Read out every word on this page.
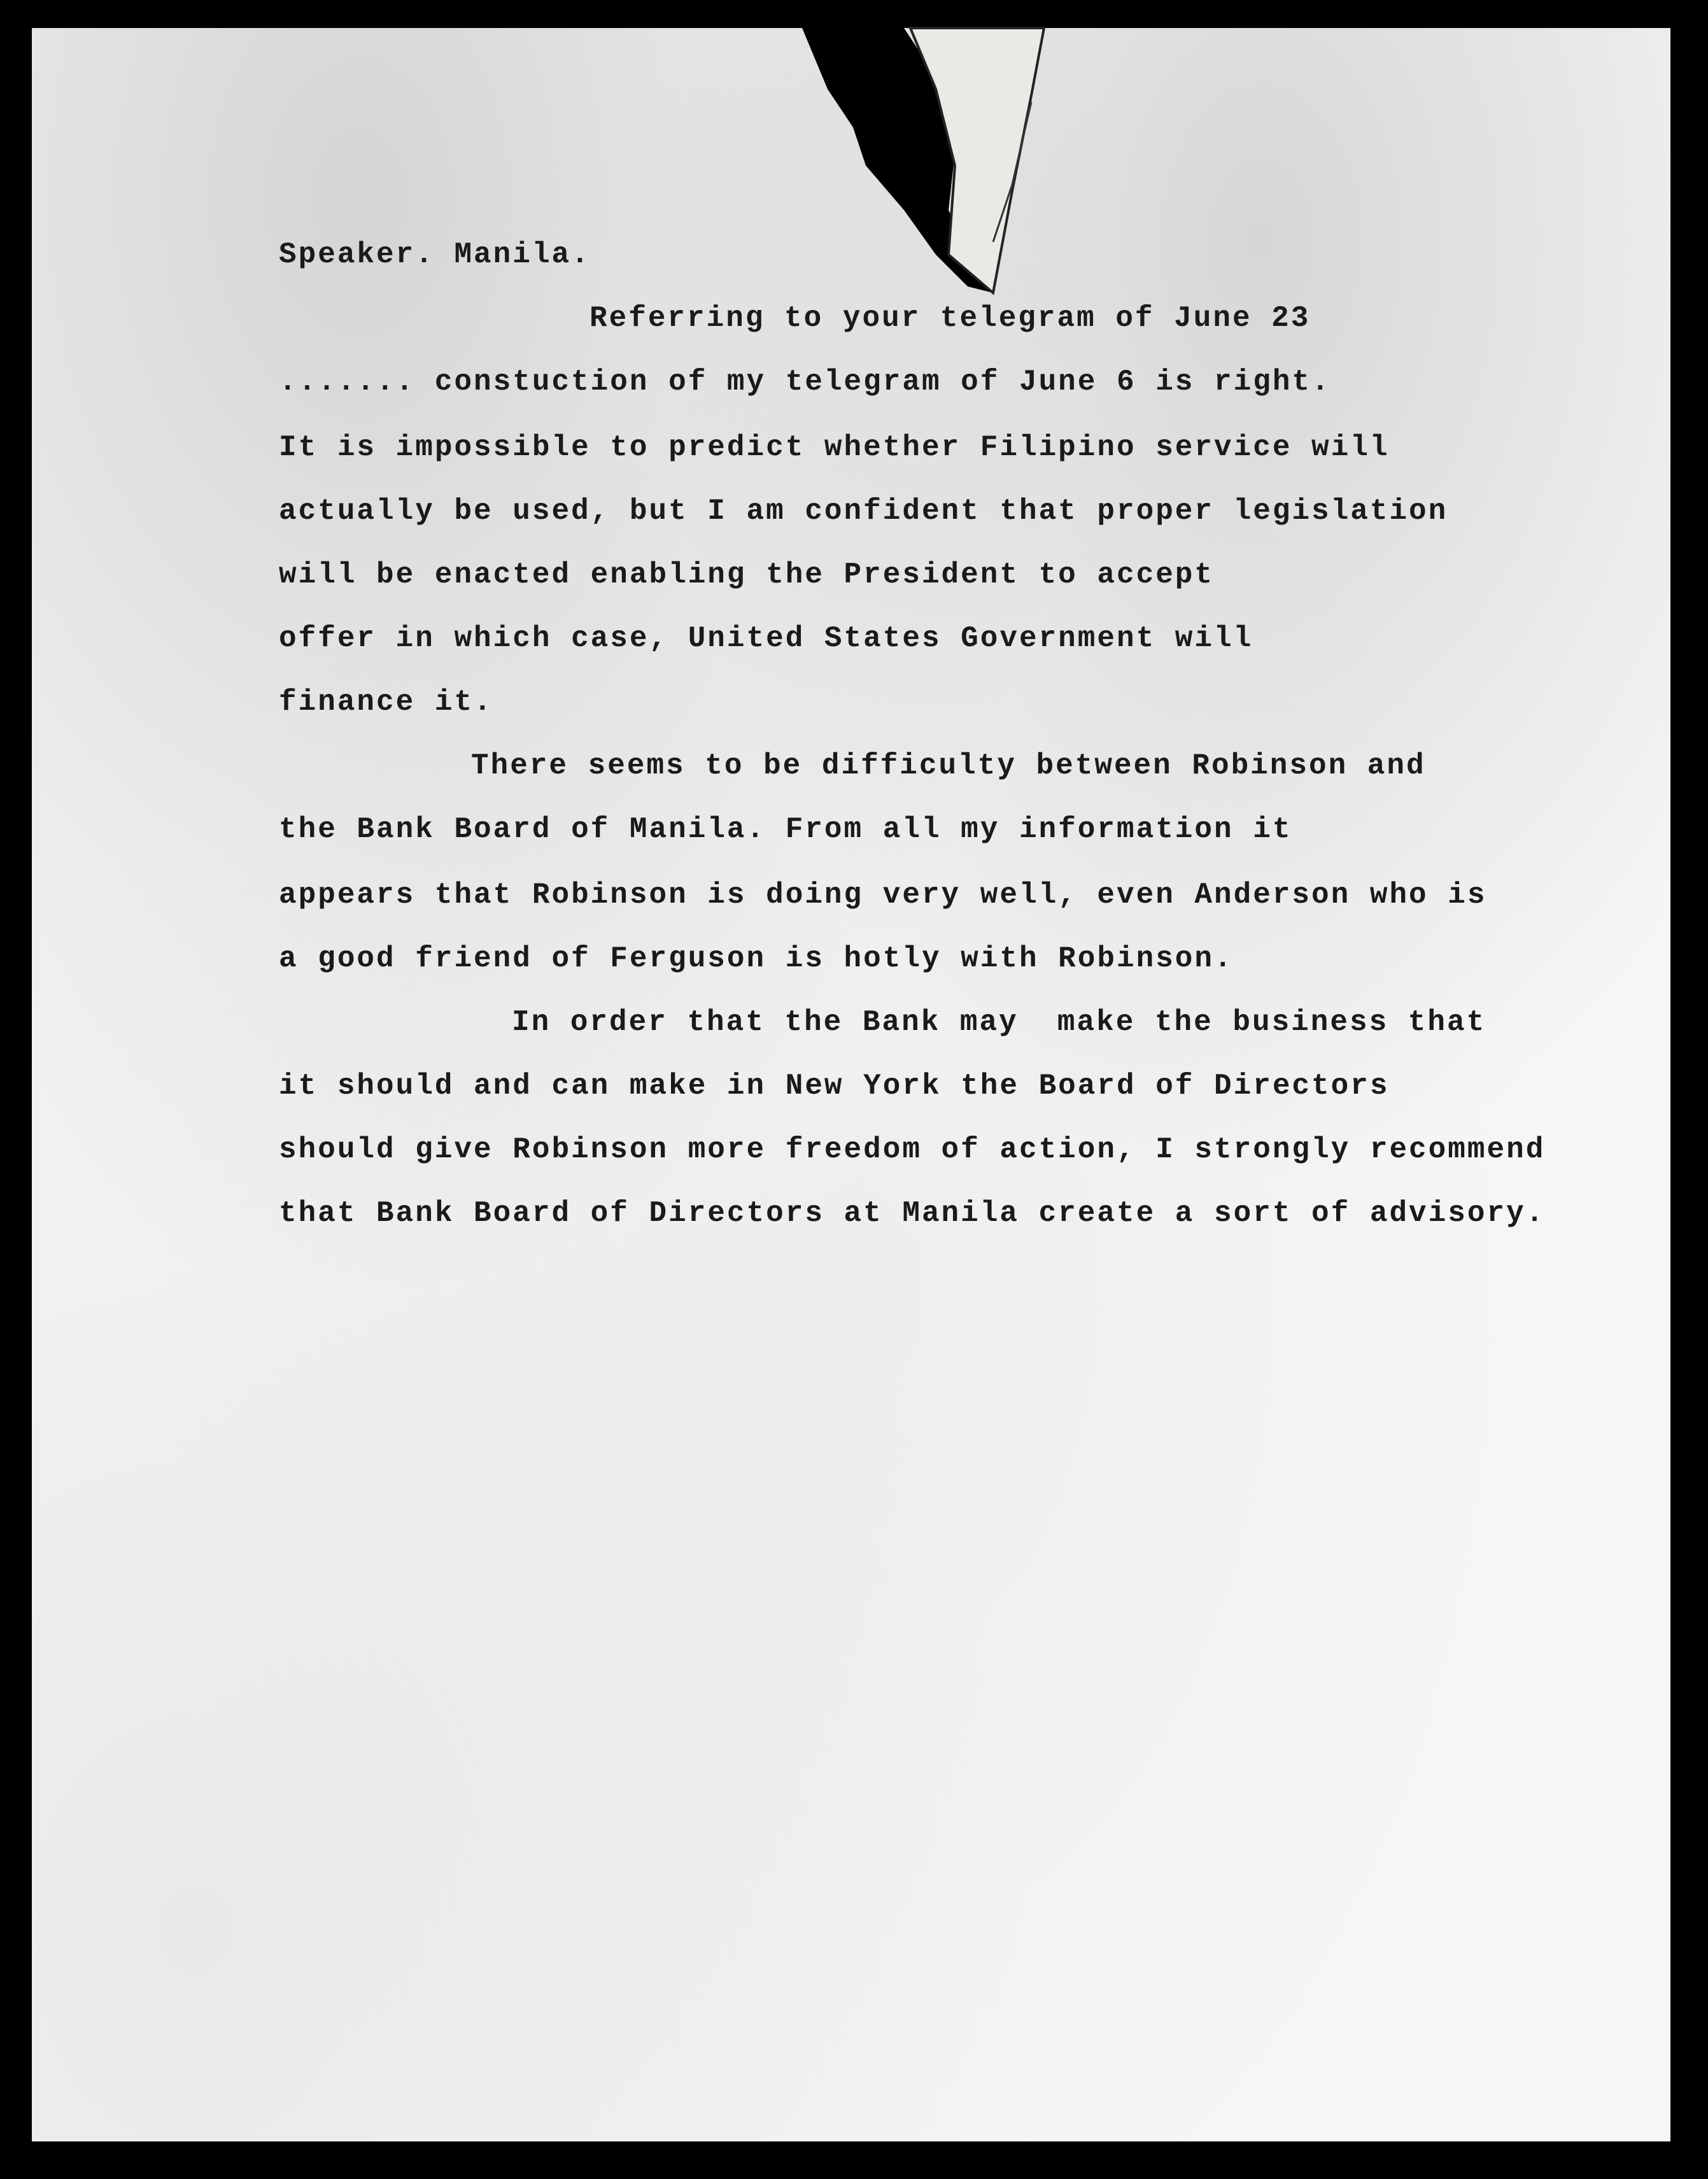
Speaker. Manila.

Referring to your telegram of June 23

....... constuction of my telegram of June 6 is right.

It is impossible to predict whether Filipino service will

actually be used, but I am confident that proper legislation

will be enacted enabling the President to accept

offer in which case, United States Government will

finance it.

There seems to be difficulty between Robinson and

the Bank Board of Manila. From all my information it

appears that Robinson is doing very well, even Anderson who is

a good friend of Ferguson is hotly with Robinson.

In order that the Bank may  make the business that

it should and can make in New York the Board of Directors

should give Robinson more freedom of action, I strongly recommend

that Bank Board of Directors at Manila create a sort of advisory.
